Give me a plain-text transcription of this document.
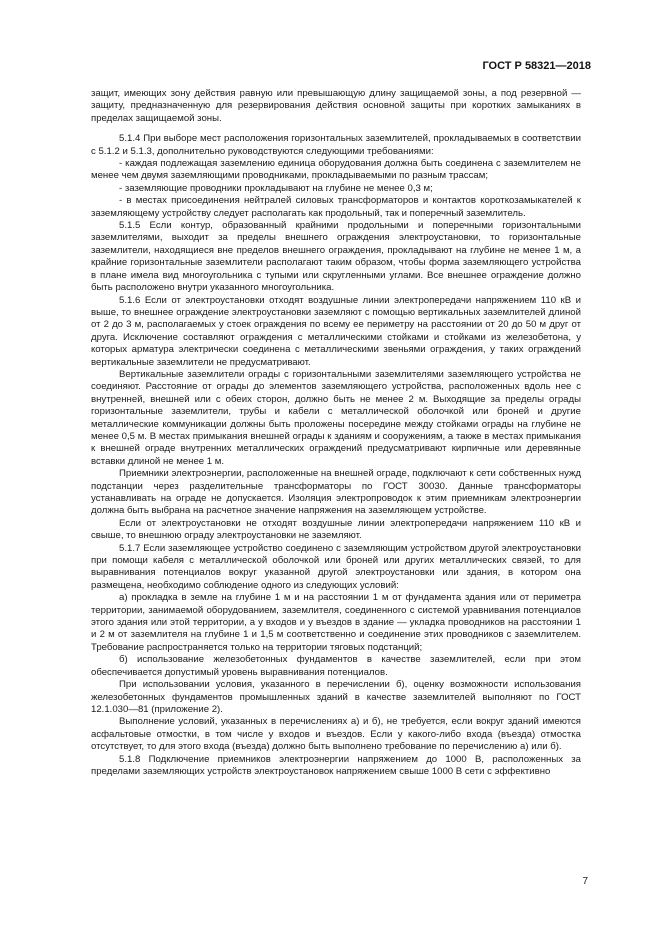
ГОСТ Р 58321—2018

защит, имеющих зону действия равную или превышающую длину защищаемой зоны, а под резервной — защиту, предназначенную для резервирования действия основной защиты при коротких замыканиях в пределах защищаемой зоны.

5.1.4 При выборе мест расположения горизонтальных заземлителей, прокладываемых в соответствии с 5.1.2 и 5.1.3, дополнительно руководствуются следующими требованиями:

- каждая подлежащая заземлению единица оборудования должна быть соединена с заземлителем не менее чем двумя заземляющими проводниками, прокладываемыми по разным трассам;

- заземляющие проводники прокладывают на глубине не менее 0,3 м;

- в местах присоединения нейтралей силовых трансформаторов и контактов короткозамыкателей к заземляющему устройству следует располагать как продольный, так и поперечный заземлитель.

5.1.5 Если контур, образованный крайними продольными и поперечными горизонтальными заземлителями, выходит за пределы внешнего ограждения электроустановки, то горизонтальные заземлители, находящиеся вне пределов внешнего ограждения, прокладывают на глубине не менее 1 м, а крайние горизонтальные заземлители располагают таким образом, чтобы форма заземляющего устройства в плане имела вид многоугольника с тупыми или скругленными углами. Все внешнее ограждение должно быть расположено внутри указанного многоугольника.

5.1.6 Если от электроустановки отходят воздушные линии электропередачи напряжением 110 кВ и выше, то внешнее ограждение электроустановки заземляют с помощью вертикальных заземлителей длиной от 2 до 3 м, располагаемых у стоек ограждения по всему ее периметру на расстоянии от 20 до 50 м друг от друга. Исключение составляют ограждения с металлическими стойками и стойками из железобетона, у которых арматура электрически соединена с металлическими звеньями ограждения, у таких ограждений вертикальные заземлители не предусматривают.

Вертикальные заземлители ограды с горизонтальными заземлителями заземляющего устройства не соединяют. Расстояние от ограды до элементов заземляющего устройства, расположенных вдоль нее с внутренней, внешней или с обеих сторон, должно быть не менее 2 м. Выходящие за пределы ограды горизонтальные заземлители, трубы и кабели с металлической оболочкой или броней и другие металлические коммуникации должны быть проложены посередине между стойками ограды на глубине не менее 0,5 м. В местах примыкания внешней ограды к зданиям и сооружениям, а также в местах примыкания к внешней ограде внутренних металлических ограждений предусматривают кирпичные или деревянные вставки длиной не менее 1 м.

Приемники электроэнергии, расположенные на внешней ограде, подключают к сети собственных нужд подстанции через разделительные трансформаторы по ГОСТ 30030. Данные трансформаторы устанавливать на ограде не допускается. Изоляция электропроводок к этим приемникам электроэнергии должна быть выбрана на расчетное значение напряжения на заземляющем устройстве.

Если от электроустановки не отходят воздушные линии электропередачи напряжением 110 кВ и свыше, то внешнюю ограду электроустановки не заземляют.

5.1.7 Если заземляющее устройство соединено с заземляющим устройством другой электроустановки при помощи кабеля с металлической оболочкой или броней или других металлических связей, то для выравнивания потенциалов вокруг указанной другой электроустановки или здания, в котором она размещена, необходимо соблюдение одного из следующих условий:

а) прокладка в земле на глубине 1 м и на расстоянии 1 м от фундамента здания или от периметра территории, занимаемой оборудованием, заземлителя, соединенного с системой уравнивания потенциалов этого здания или этой территории, а у входов и у въездов в здание — укладка проводников на расстоянии 1 и 2 м от заземлителя на глубине 1 и 1,5 м соответственно и соединение этих проводников с заземлителем. Требование распространяется только на территории тяговых подстанций;

б) использование железобетонных фундаментов в качестве заземлителей, если при этом обеспечивается допустимый уровень выравнивания потенциалов.

При использовании условия, указанного в перечислении б), оценку возможности использования железобетонных фундаментов промышленных зданий в качестве заземлителей выполняют по ГОСТ 12.1.030—81 (приложение 2).

Выполнение условий, указанных в перечислениях а) и б), не требуется, если вокруг зданий имеются асфальтовые отмостки, в том числе у входов и въездов. Если у какого-либо входа (въезда) отмостка отсутствует, то для этого входа (въезда) должно быть выполнено требование по перечислению а) или б).

5.1.8 Подключение приемников электроэнергии напряжением до 1000 В, расположенных за пределами заземляющих устройств электроустановок напряжением свыше 1000 В сети с эффективно

7
